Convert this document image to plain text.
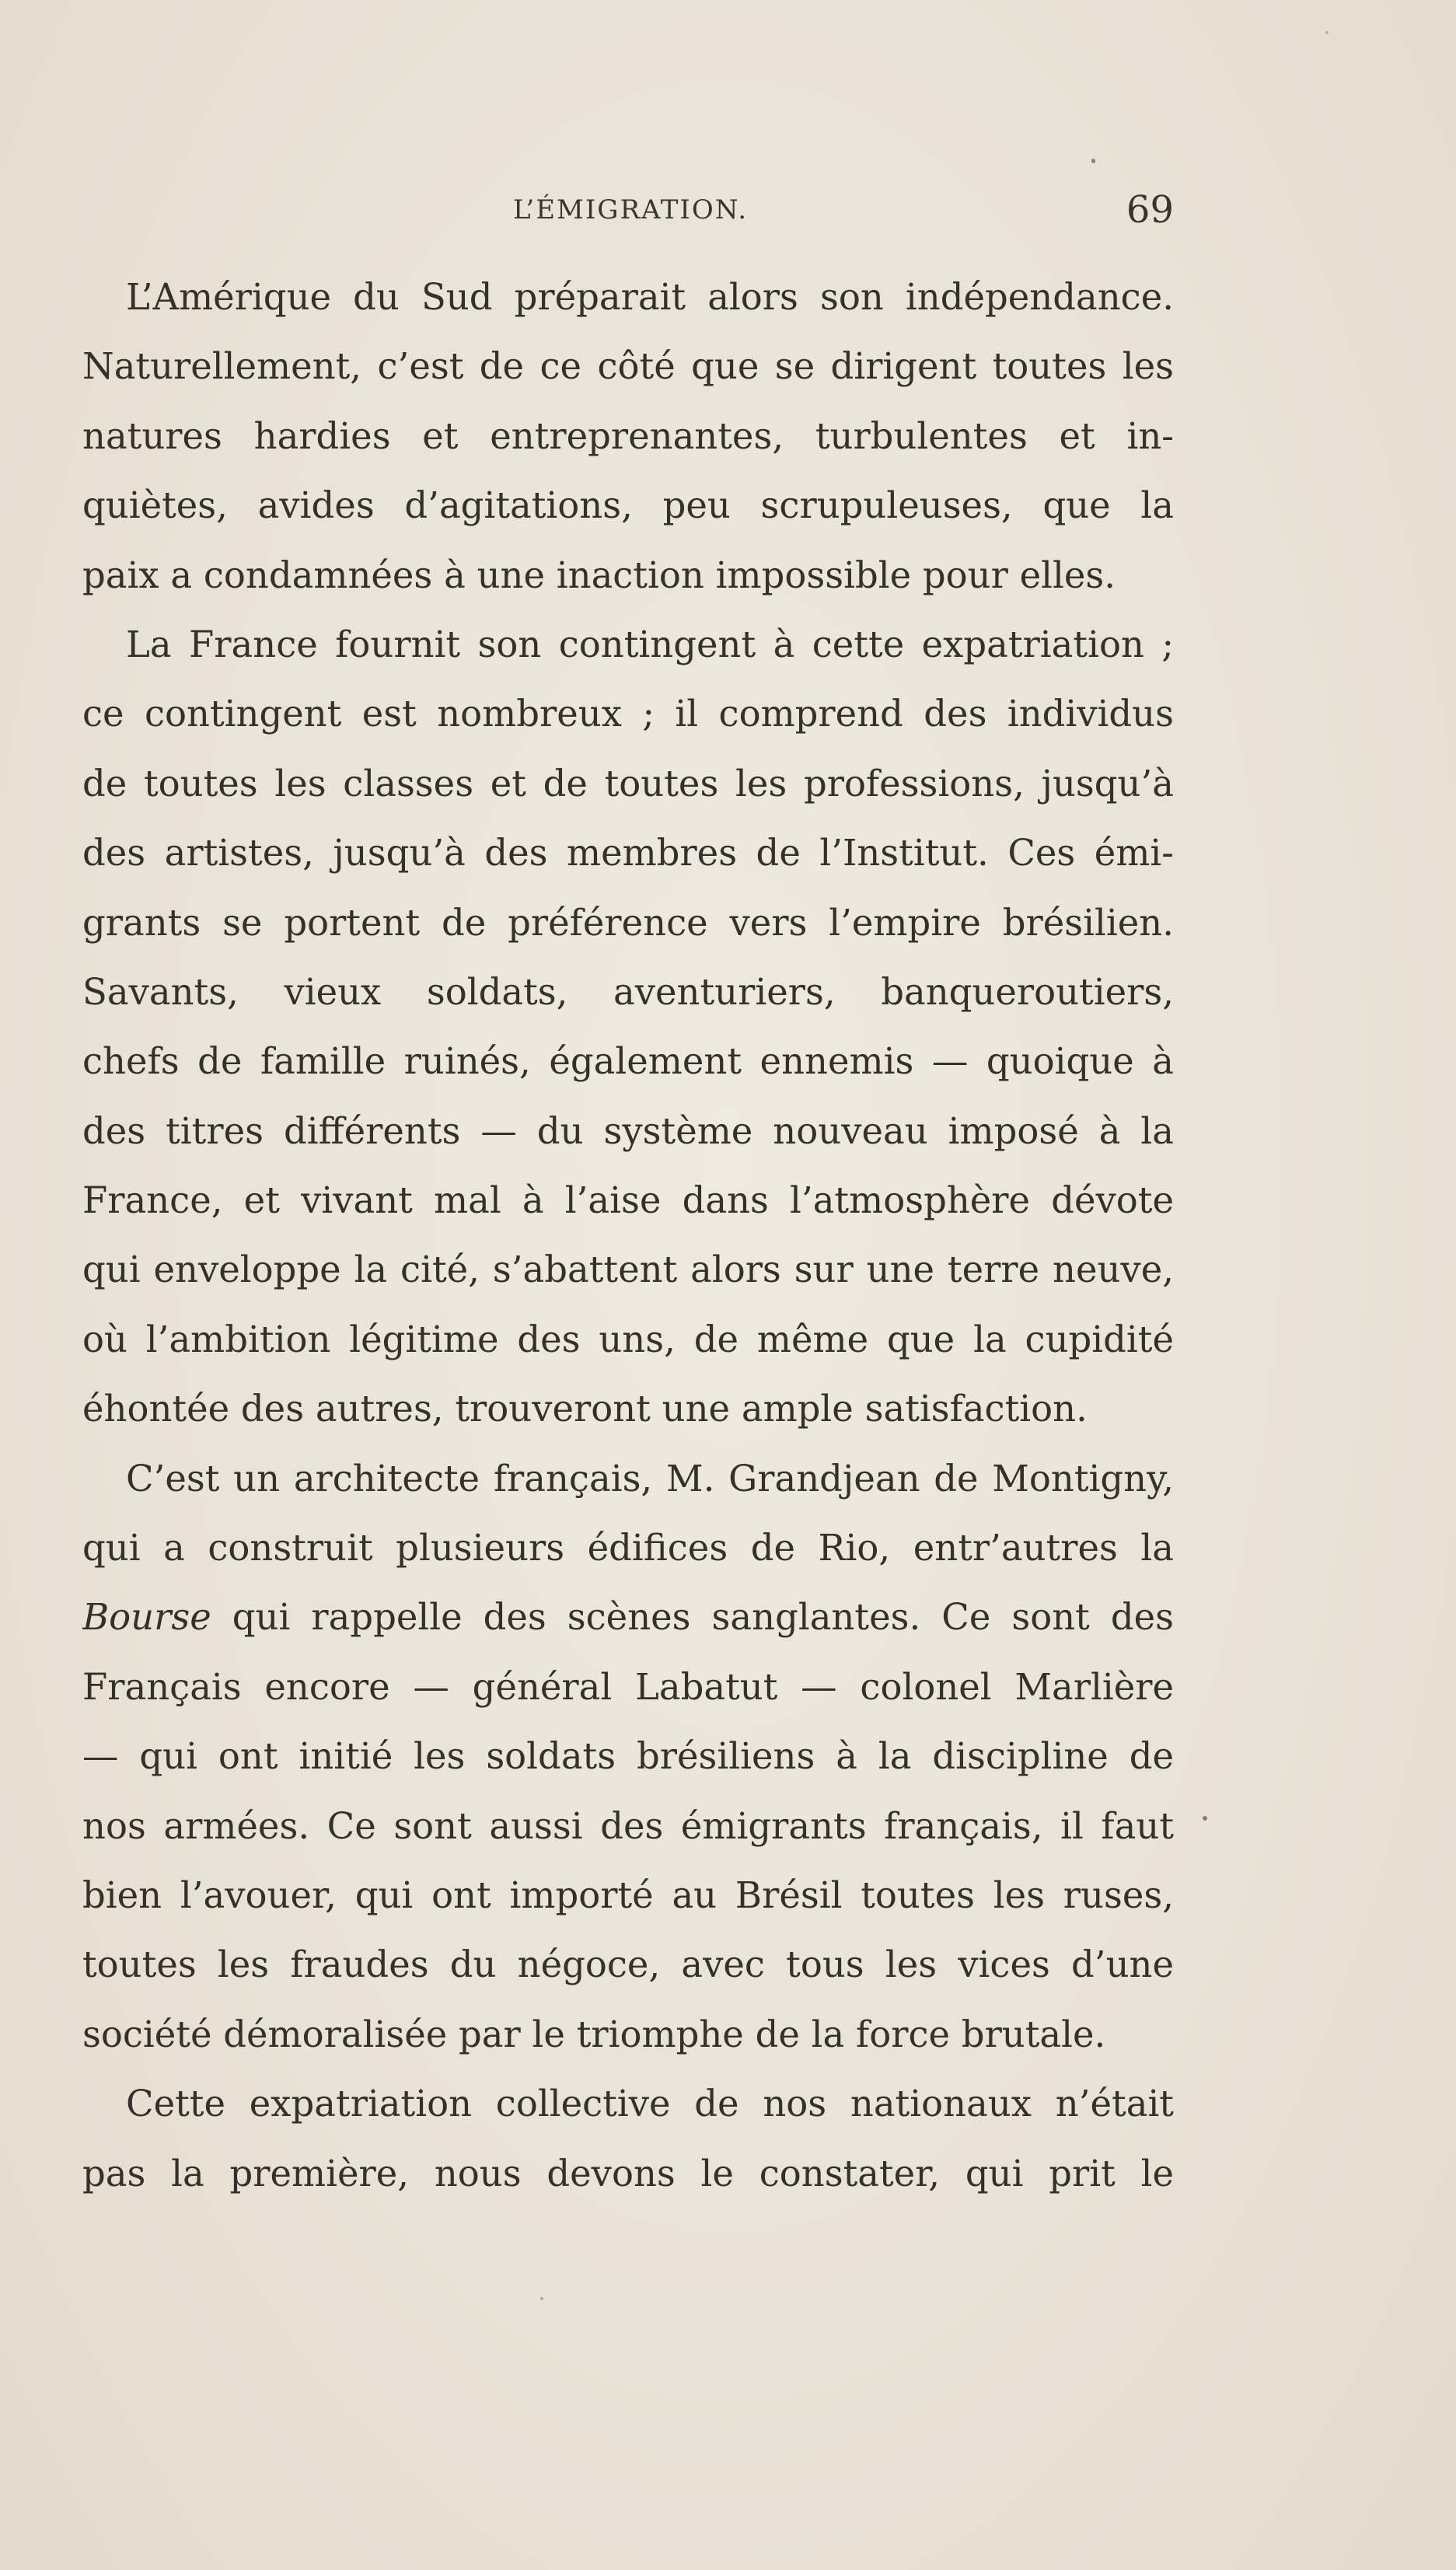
L’ÉMIGRATION.	69
L’Amérique du Sud préparait alors son indépendance.
Naturellement, c’est de ce côté que se dirigent toutes les
natures hardies et entreprenantes, turbulentes et in-
quiètes, avides d’agitations, peu scrupuleuses, que la
paix a condamnées à une inaction impossible pour elles.
La France fournit son contingent à cette expatriation ;
ce contingent est nombreux ; il comprend des individus
de toutes les classes et de toutes les professions, jusqu’à
des artistes, jusqu’à des membres de l’Institut. Ces émi-
grants se portent de préférence vers l’empire brésilien.
Savants, vieux soldats, aventuriers, banqueroutiers,
chefs de famille ruinés, également ennemis — quoique à
des titres différents — du système nouveau imposé à la
France, et vivant mal à l’aise dans l’atmosphère dévote
qui enveloppe la cité, s’abattent alors sur une terre neuve,
où l’ambition légitime des uns, de même que la cupidité
éhontée des autres, trouveront une ample satisfaction.
C’est un architecte français, M. Grandjean de Montigny,
qui a construit plusieurs édifices de Rio, entr’autres la
Bourse qui rappelle des scènes sanglantes. Ce sont des
Français encore — général Labatut — colonel Marlière
— qui ont initié les soldats brésiliens à la discipline de
nos armées. Ce sont aussi des émigrants français, il faut
bien l’avouer, qui ont importé au Brésil toutes les ruses,
toutes les fraudes du négoce, avec tous les vices d’une
société démoralisée par le triomphe de la force brutale.
Cette expatriation collective de nos nationaux n’était
pas la première, nous devons le constater, qui prit le
